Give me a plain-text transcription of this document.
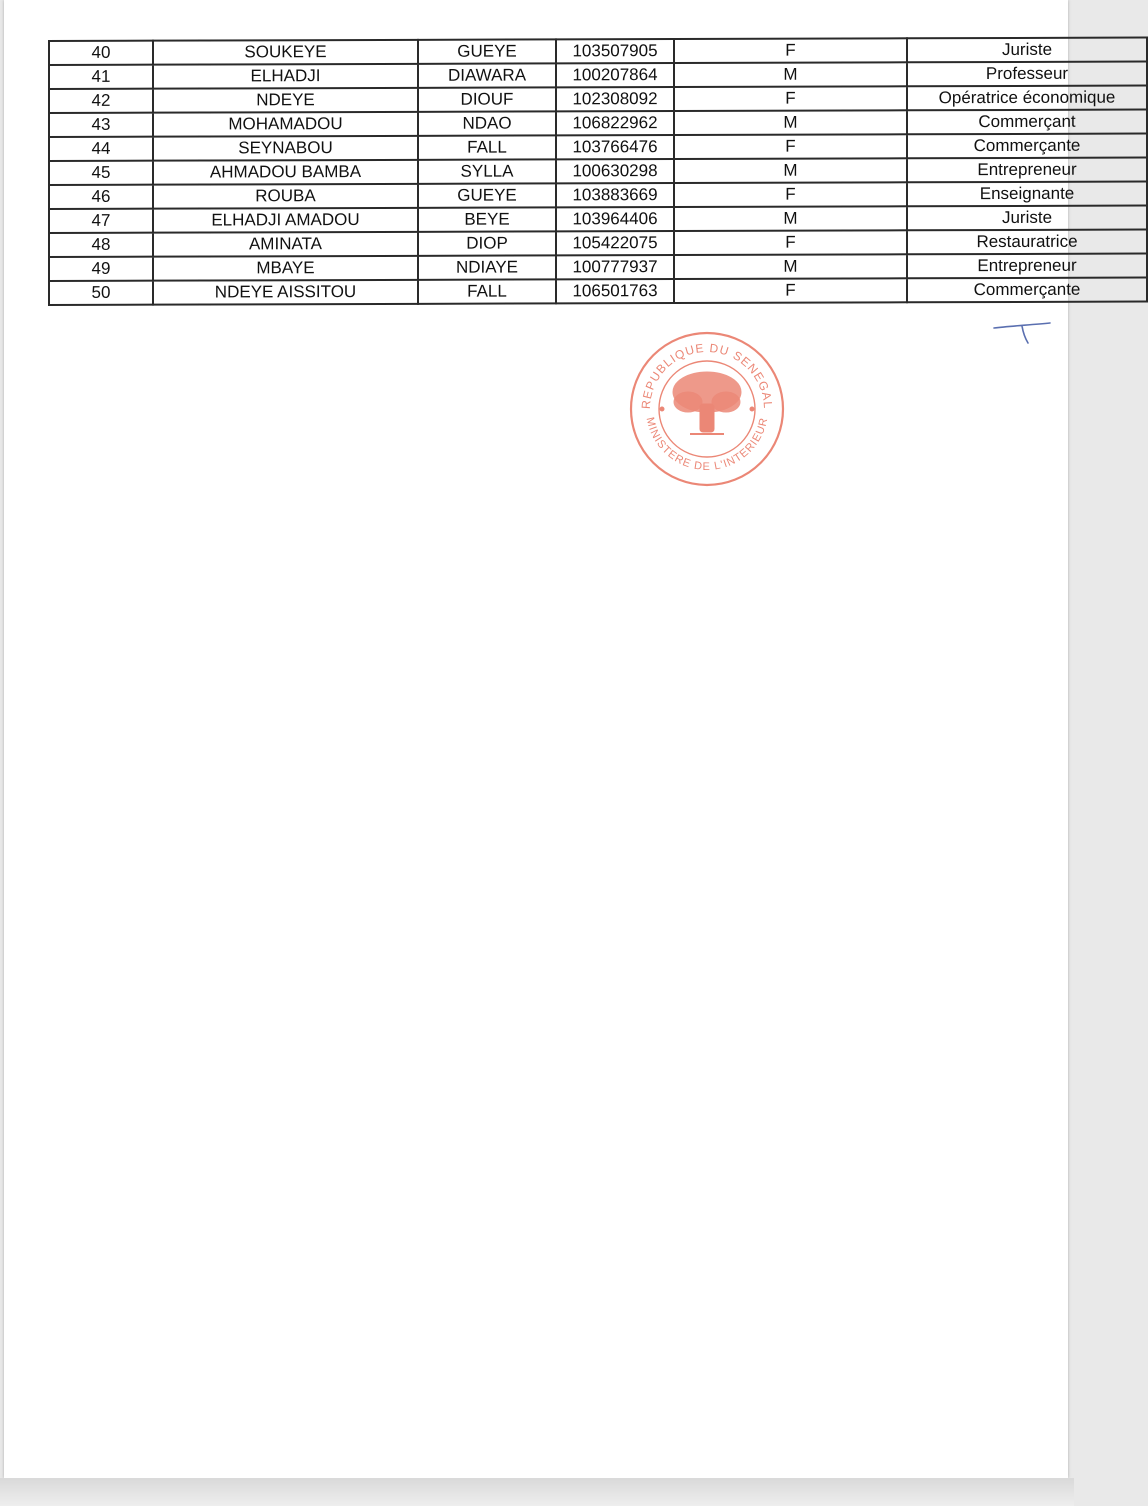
40	SOUKEYE	GUEYE	103507905	F	Juriste
41	ELHADJI	DIAWARA	100207864	M	Professeur
42	NDEYE	DIOUF	102308092	F	Opératrice économique
43	MOHAMADOU	NDAO	106822962	M	Commerçant
44	SEYNABOU	FALL	103766476	F	Commerçante
45	AHMADOU BAMBA	SYLLA	100630298	M	Entrepreneur
46	ROUBA	GUEYE	103883669	F	Enseignante
47	ELHADJI AMADOU	BEYE	103964406	M	Juriste
48	AMINATA	DIOP	105422075	F	Restauratrice
49	MBAYE	NDIAYE	100777937	M	Entrepreneur
50	NDEYE AISSITOU	FALL	106501763	F	Commerçante
REPUBLIQUE DU SENEGAL
MINISTERE DE L'INTERIEUR
